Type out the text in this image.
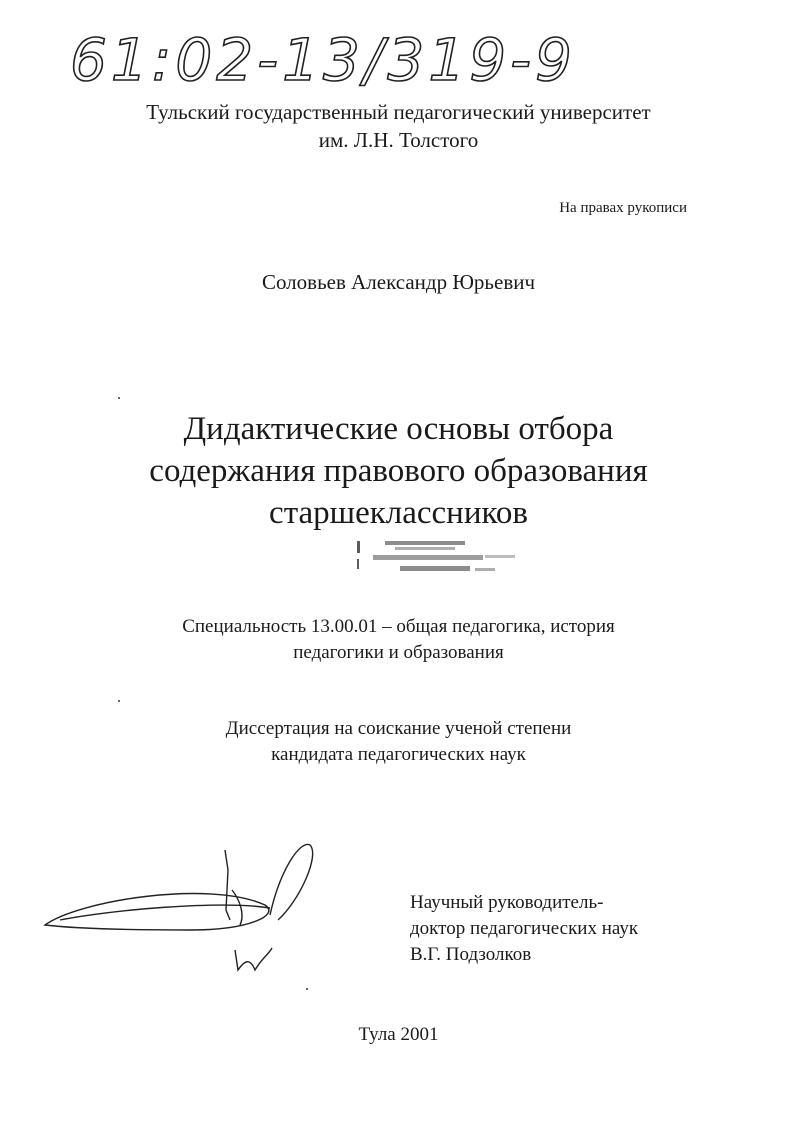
61:02-13/319-9
Тульский государственный педагогический университет
им. Л.Н. Толстого
На правах рукописи
Соловьев Александр Юрьевич
Дидактические основы отбора
содержания правового образования
старшеклассников
Специальность 13.00.01 – общая педагогика, история
педагогики и образования
Диссертация на соискание ученой степени
кандидата педагогических наук
Научный руководитель-
доктор педагогических наук
В.Г. Подзолков
Тула 2001
